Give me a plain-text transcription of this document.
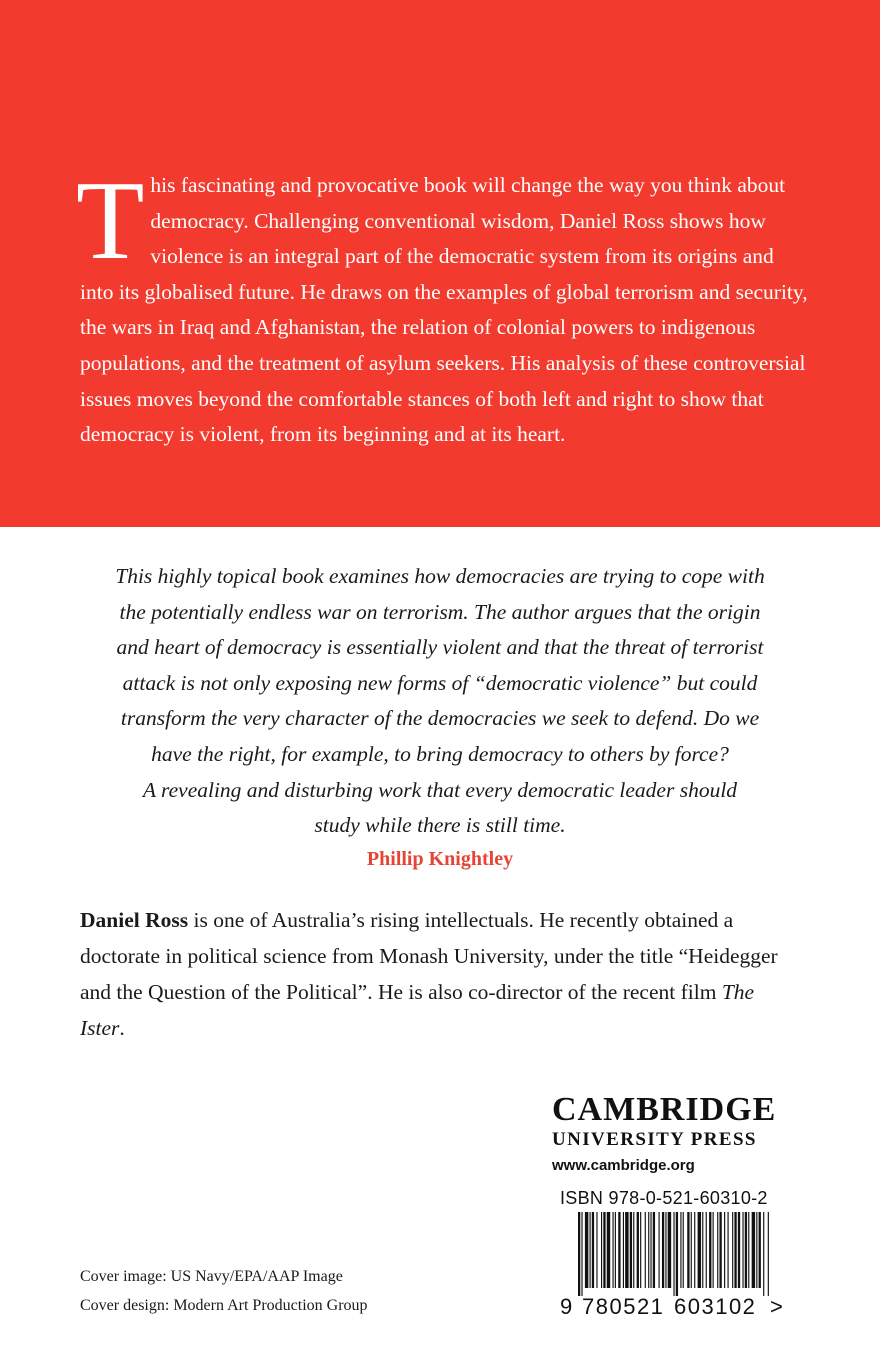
This fascinating and provocative book will change the way you think about democracy. Challenging conventional wisdom, Daniel Ross shows how violence is an integral part of the democratic system from its origins and into its globalised future. He draws on the examples of global terrorism and security, the wars in Iraq and Afghanistan, the relation of colonial powers to indigenous populations, and the treatment of asylum seekers. His analysis of these controversial issues moves beyond the comfortable stances of both left and right to show that democracy is violent, from its beginning and at its heart.

This highly topical book examines how democracies are trying to cope with
the potentially endless war on terrorism. The author argues that the origin
and heart of democracy is essentially violent and that the threat of terrorist
attack is not only exposing new forms of “democratic violence” but could
transform the very character of the democracies we seek to defend. Do we
have the right, for example, to bring democracy to others by force?
A revealing and disturbing work that every democratic leader should
study while there is still time.

Phillip Knightley

Daniel Ross is one of Australia’s rising intellectuals. He recently obtained a doctorate in political science from Monash University, under the title “Heidegger and the Question of the Political”. He is also co-director of the recent film The Ister.

CAMBRIDGE
UNIVERSITY PRESS
www.cambridge.org
ISBN 978-0-521-60310-2
9 780521 603102 >
Cover image: US Navy/EPA/AAP Image
Cover design: Modern Art Production Group
